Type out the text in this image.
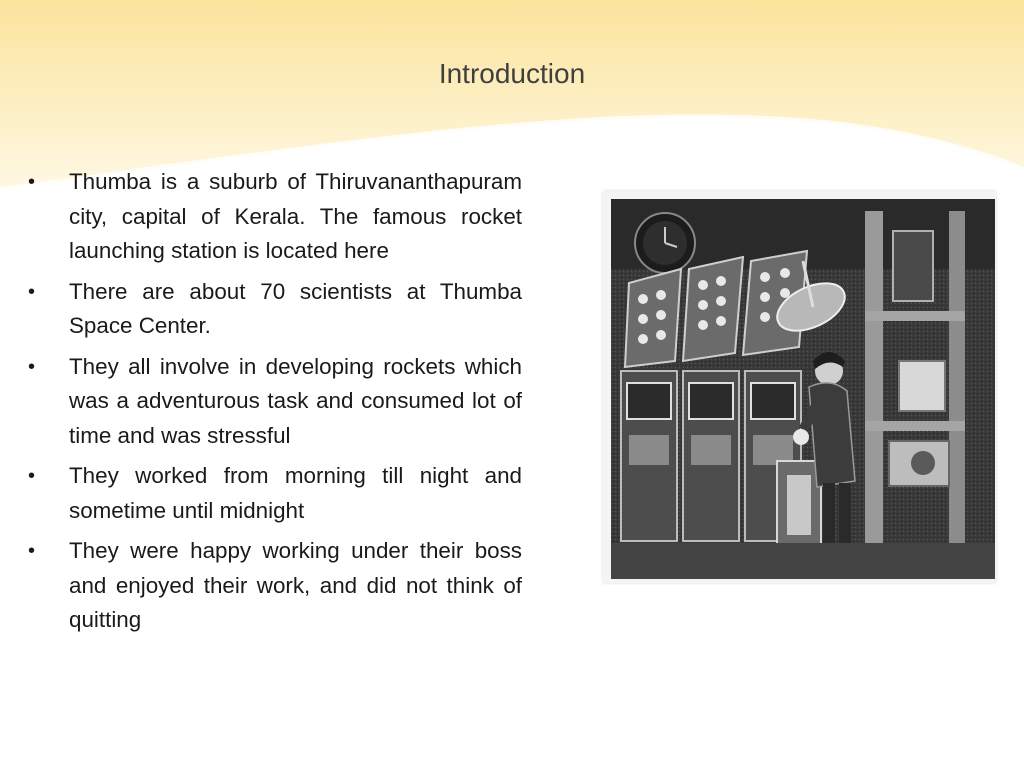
Introduction
• Thumba is a suburb of Thiruvananthapuram city, capital of Kerala. The famous rocket launching station is located here
• There are about 70 scientists at Thumba Space Center.
• They all involve in developing rockets which was a adventurous task and consumed lot of time and was stressful
• They worked from morning till night and sometime until midnight
• They were happy working under their boss and enjoyed their work, and did not think of quitting
